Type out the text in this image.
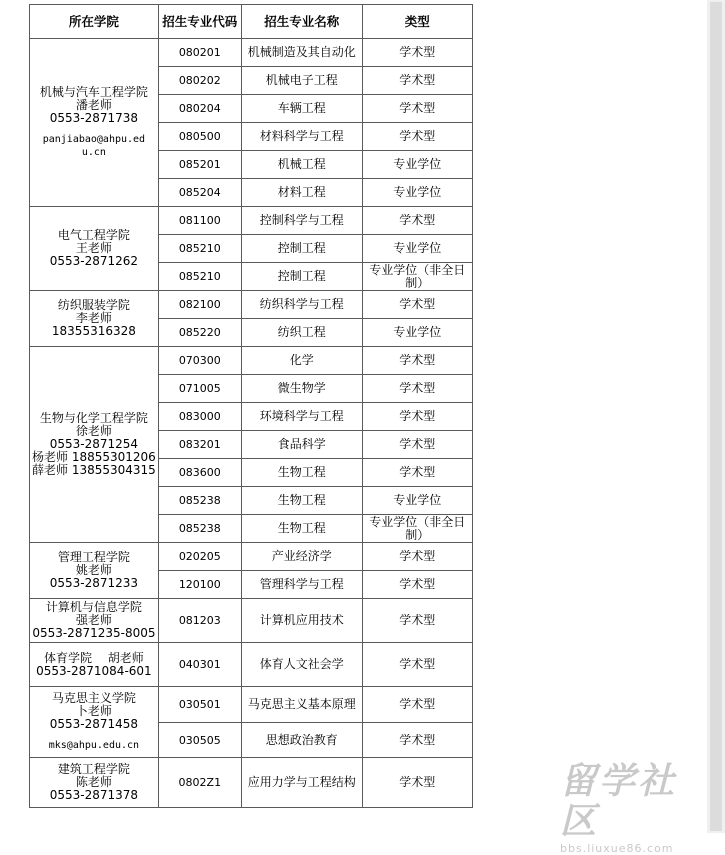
所在学院	招生专业代码	招生专业名称	类型

机械与汽车工程学院
潘老师
0553-2871738
panjiabao@ahpu.ed
u.cn	080201	机械制造及其自动化	学术型
	080202	机械电子工程	学术型
	080204	车辆工程	学术型
	080500	材料科学与工程	学术型
	085201	机械工程	专业学位
	085204	材料工程	专业学位

电气工程学院
王老师
0553-2871262	081100	控制科学与工程	学术型
	085210	控制工程	专业学位
	085210	控制工程	专业学位（非全日制）

纺织服装学院
李老师
18355316328	082100	纺织科学与工程	学术型
	085220	纺织工程	专业学位

生物与化学工程学院
徐老师
0553-2871254
杨老师 18855301206
薛老师 13855304315	070300	化学	学术型
	071005	微生物学	学术型
	083000	环境科学与工程	学术型
	083201	食品科学	学术型
	083600	生物工程	学术型
	085238	生物工程	专业学位
	085238	生物工程	专业学位（非全日制）

管理工程学院
姚老师
0553-2871233	020205	产业经济学	学术型
	120100	管理科学与工程	学术型

计算机与信息学院
强老师
0553-2871235-8005	081203	计算机应用技术	学术型

体育学院　 胡老师
0553-2871084-601	040301	体育人文社会学	学术型

马克思主义学院
卜老师
0553-2871458
mks@ahpu.edu.cn	030501	马克思主义基本原理	学术型
	030505	思想政治教育	学术型

建筑工程学院
陈老师
0553-2871378	0802Z1	应用力学与工程结构	学术型	留学社区
bbs.liuxue86.com
